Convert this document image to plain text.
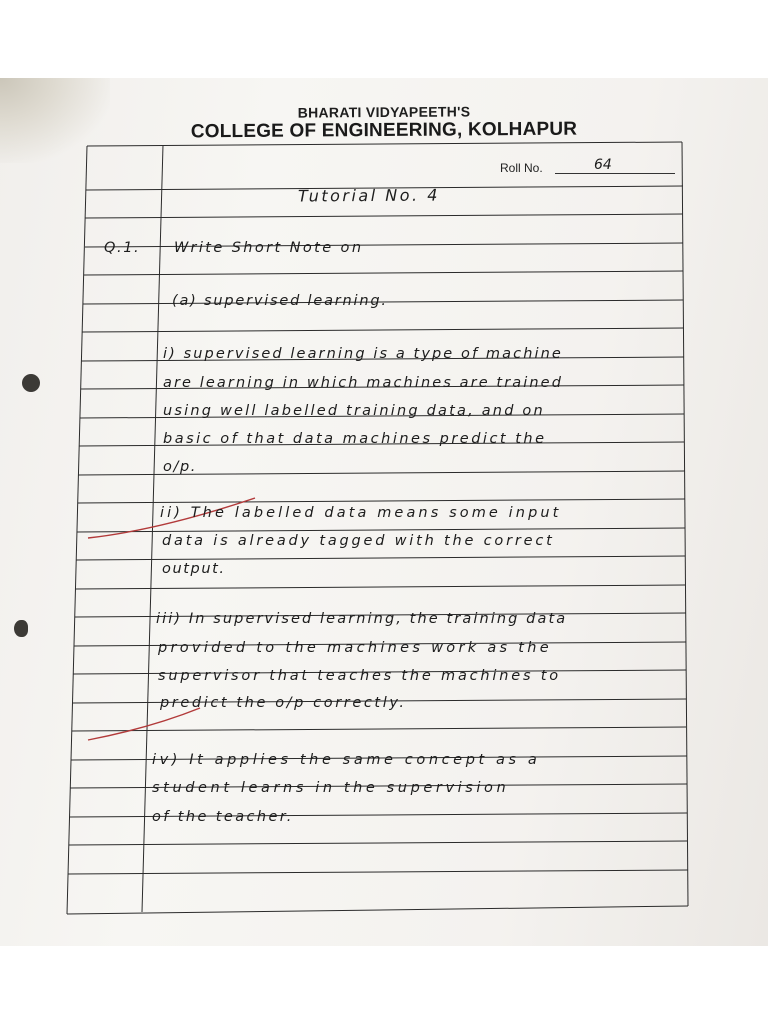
BHARATI VIDYAPEETH'S
COLLEGE OF ENGINEERING, KOLHAPUR
Roll No.	64
Tutorial No. 4
Q.1. Write Short Note on
(a) supervised learning.
i) supervised learning is a type of machine
are learning in which machines are trained
using well labelled training data, and on
basic of that data machines predict the
o/p.
ii) The labelled data means some input
data is already tagged with the correct
output.
iii) In supervised learning, the training data
provided to the machines work as the
supervisor that teaches the machines to
predict the o/p correctly.
iv) It applies the same concept as a
student learns in the supervision
of the teacher.
